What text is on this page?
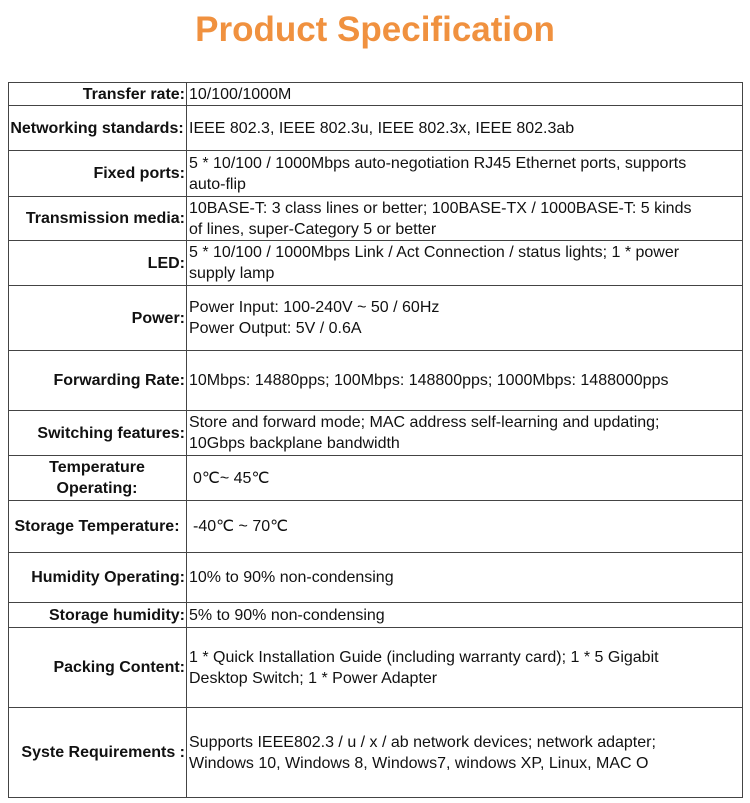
Product Specification
Transfer rate:	10/100/1000M

Networking standards:	IEEE 802.3, IEEE 802.3u, IEEE 802.3x, IEEE 802.3ab

Fixed ports:	5 * 10/100 / 1000Mbps auto-negotiation RJ45 Ethernet ports, supports
auto-flip

Transmission media:	10BASE-T: 3 class lines or better; 100BASE-TX / 1000BASE-T: 5 kinds
of lines, super-Category 5 or better

LED:	5 * 10/100 / 1000Mbps Link / Act Connection / status lights; 1 * power
supply lamp

Power:	Power Input: 100-240V ~ 50 / 60Hz
Power Output: 5V / 0.6A

Forwarding Rate:	10Mbps: 14880pps; 100Mbps: 148800pps; 1000Mbps: 1488000pps

Switching features:	Store and forward mode; MAC address self-learning and updating;
10Gbps backplane bandwidth

Temperature Operating:	0℃~ 45℃

Storage Temperature:	-40℃ ~ 70℃

Humidity Operating:	10% to 90% non-condensing

Storage humidity:	5% to 90% non-condensing

Packing Content:	1 * Quick Installation Guide (including warranty card); 1 * 5 Gigabit
Desktop Switch; 1 * Power Adapter

Syste Requirements :	Supports IEEE802.3 / u / x / ab network devices; network adapter;
Windows 10, Windows 8, Windows7, windows XP, Linux, MAC O
